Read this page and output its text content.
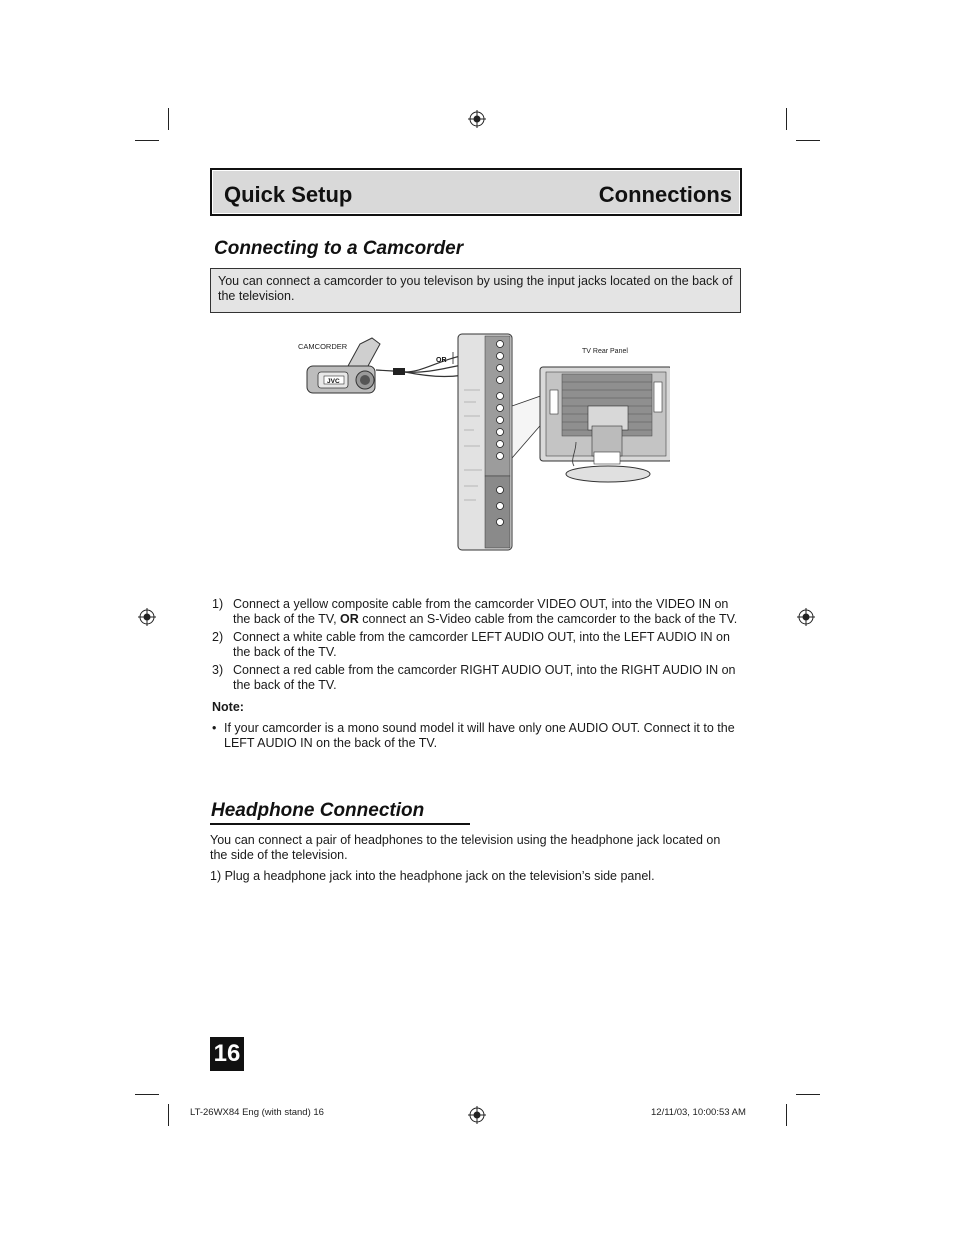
Quick Setup	Connections
Connecting to a Camcorder
You can connect a camcorder to you televison by using the input jacks located on the back of the television.
CAMCORDER
JVC
OR
TV Rear Panel
1) Connect a yellow composite cable from the camcorder VIDEO OUT, into the VIDEO IN on the back of the TV, OR connect an S-Video cable from the camcorder to the back of the TV.
2) Connect a white cable from the camcorder LEFT AUDIO OUT, into the LEFT AUDIO IN on the back of the TV.
3) Connect a red cable from the camcorder RIGHT AUDIO OUT, into the RIGHT AUDIO IN on the back of the TV.
Note:
• If your camcorder is a mono sound model it will have only one AUDIO OUT. Connect it to the LEFT AUDIO IN on the back of the TV.
Headphone Connection
You can connect a pair of headphones to the television using the headphone jack located on the side of the television.
1) Plug a headphone jack into the headphone jack on the television’s side panel.
16
LT-26WX84 Eng (with stand) 16	12/11/03, 10:00:53 AM
